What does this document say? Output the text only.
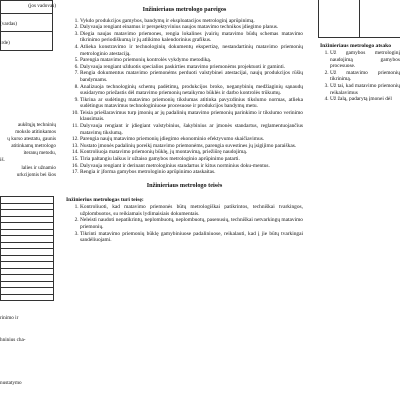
(jos vadovas)
(vardas)
irde)
aukštųjų techninių
mokslo atitinkamos
ų kurso atestatu, gaunis
atitinkamų metrologo
iteranų metodu,
iš.
lalies ir užnamio
urkcijomis bei šios
rinimo ir
hninius cha-
nustatymo
Inžinieriaus metrologo pareigos
1. Vykdo produkcijos gamybos, bandymų ir eksploatacijos metrologinį aprūpinimą.
2. Dalyvauja rengiant einamus ir perspektyvinius naujos matavimo technikos įdiegimo planus.
3. Diegia naujas matavimo priemones, rengia lokalines įvairių matavimo būdų schemas matavimo tikrinimo periodiškumą ir jų atlikimo kalendorinius grafikus.
4. Atlieka konstravimo ir technologinių dokumentų ekspertizę, nestandartinių matavimo priemonių metrologinio atestaciją.
5. Parengia matavimo priemonių kontrolės vykdymo metodiką.
6. Dalyvauja rengiant užduotis specialios paskirties matavimo priemonėms projektuoti ir gaminti.
7. Rengia dokumentus matavimo priemonėms perduoti valstybinei atestacijai, naujų produkcijos rūšių bandymams.
8. Analizuoja technologinių schemų padėtimų, produkcijos broko, neganybinių medžiaginių sąnaudų susidarymo priežastis dėl matavimo priemonių netaikymo būklės ir darbo kontrolės trūkumų.
9. Tikrina ar sudėtingų matavimo priemonių tikslumas atitinka pavyzdinius tikslumo normas, atlieka sudėtingus matavimus technologiniuose procesuose ir produkcijos bandymų metu.
10. Teisia priešlaravimus turp įmonių ar jų padalinių matavimo priemonių parinkimo ir tikslumo verinimo klausimais.
11. Dalyvauja rengiant ir įdiegiant valstybinius, šakybinius ar įmonės standartus, reglamentuojančius matavimų tikslumą.
12. Parengia naujų matavimo priemonių įdiegimo ekonominio efektyvumo skaičiavimus.
13. Nustato įmonės padalinių poreikį matavimo priemonėms, parengia suvestines jų įsigijimo paraiškas.
14. Kontroliuoja matavimo priemonių būklę, jų montavimą, priežiūrę naudojimą.
15. Tiria paltangiu laikus ir užtaiso gamybos metrologinio aprūpinimo patarti.
16. Dalyvauja rengiant ir derinant metrologinius standartus ir kitus norminius doku-mentus.
17. Rengia ir įforma gamybos metrologinio aprūpinimo ataskaitas.
Inžinieriaus metrologo teisės
Inžinierius metrologas turi teisę:
1. Kontroliuoti, kad matavimo priemonės būtų metrologiškai patikrintos, techniškai tvarkingos, užplombuotos, su reikiamais lydimaisiais dokumentais.
2. Neleisti naudoti nepatikrintų, neplombuotų, neplombuotų, pasenusių, techniškai netvarkingų matavimo priemonių.
3. Tikrinti matavimo priemonių būklę gamybiniuose padaliniuose, reikalauti, kad į jie būtų tvarkingai sandėliuojami.
Inžinieriaus metrologo atsako
1. Už gamybos metrologinį naudojimą gamybos procesuose.
2. Už matavimo priemonių tikrinimą.
3. Už tai, kad matavimo priemonių reikalavimus
4. Už žalą, padarytą įmonei dėl
